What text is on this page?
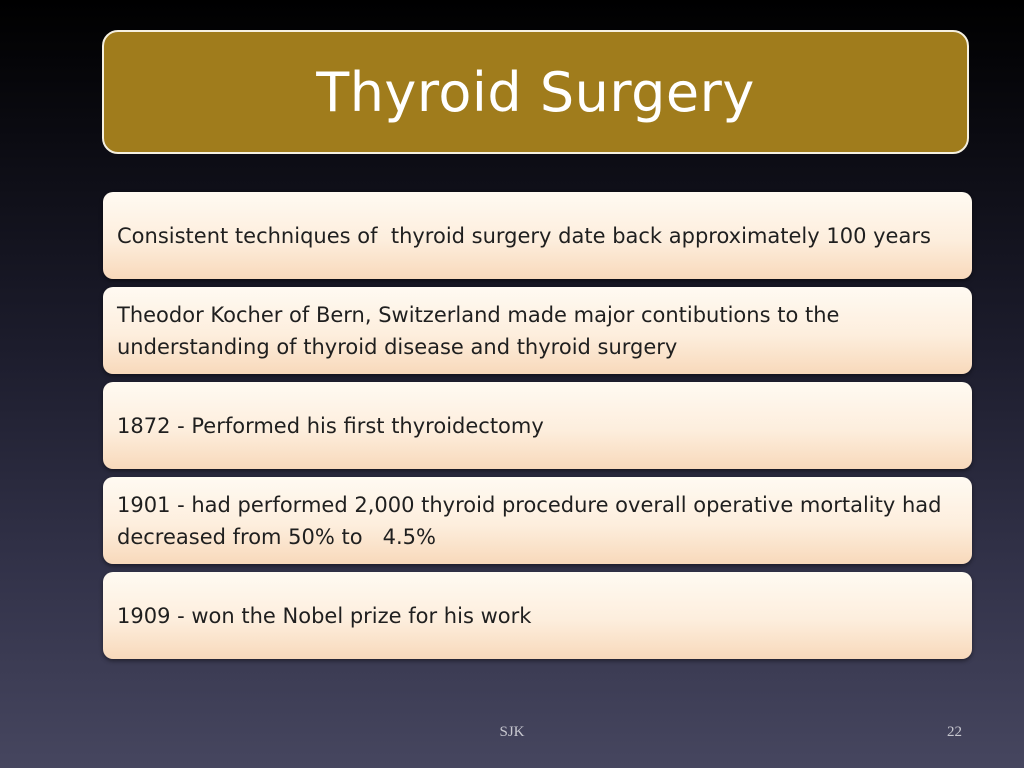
Thyroid Surgery
Consistent techniques of  thyroid surgery date back approximately 100 years
Theodor Kocher of Bern, Switzerland made major contibutions to the understanding of thyroid disease and thyroid surgery
1872 - Performed his first thyroidectomy
1901 - had performed 2,000 thyroid procedure overall operative mortality had decreased from 50% to   4.5%
1909 - won the Nobel prize for his work
SJK	22
